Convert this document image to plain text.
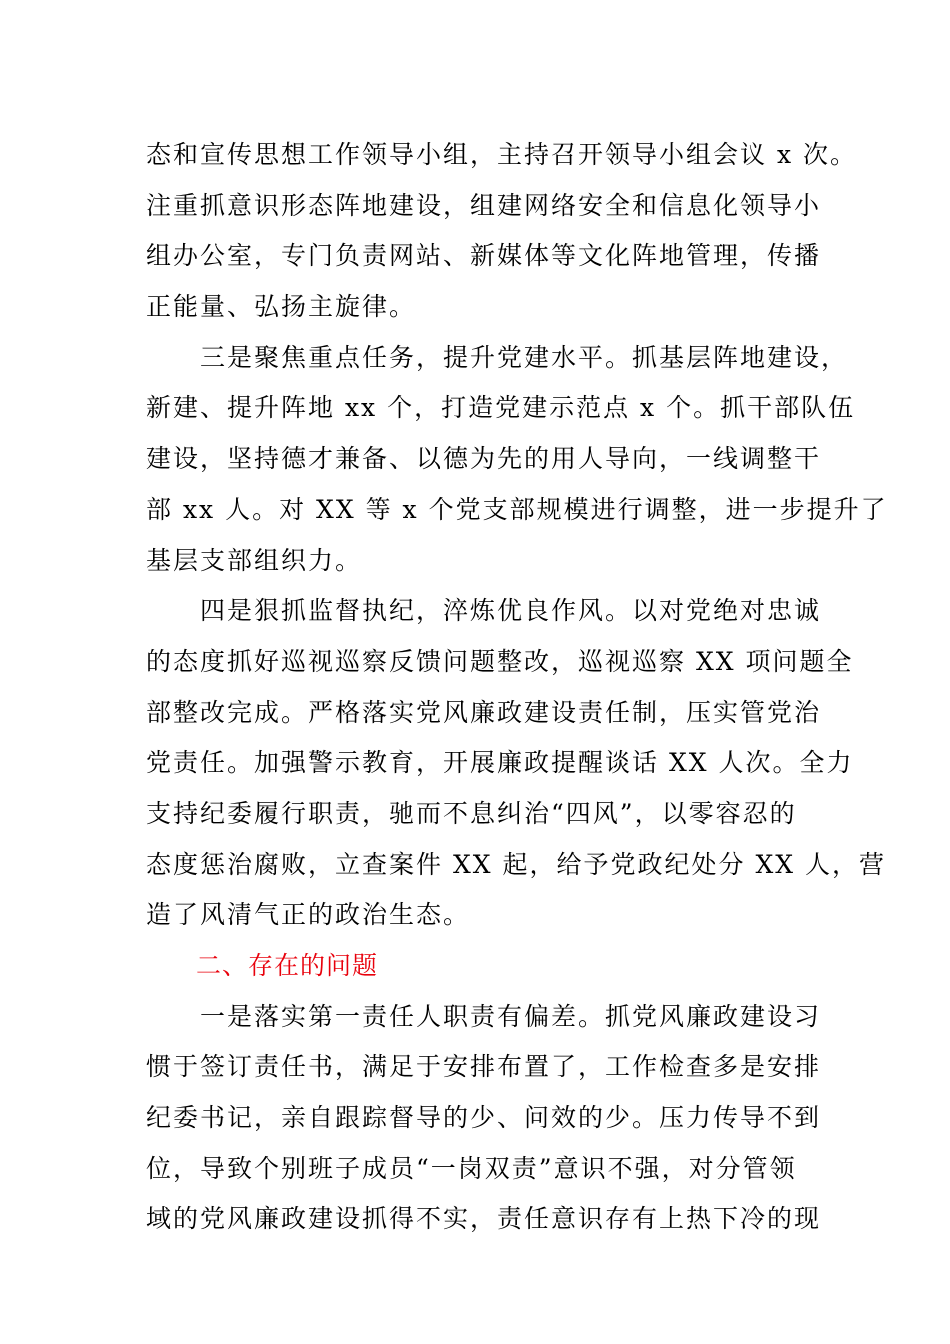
态和宣传思想工作领导小组，主持召开领导小组会议 x 次。
注重抓意识形态阵地建设，组建网络安全和信息化领导小
组办公室，专门负责网站、新媒体等文化阵地管理，传播
正能量、弘扬主旋律。
三是聚焦重点任务，提升党建水平。抓基层阵地建设，
新建、提升阵地 xx 个，打造党建示范点 x 个。抓干部队伍
建设，坚持德才兼备、以德为先的用人导向，一线调整干
部 xx 人。对 XX 等 x 个党支部规模进行调整，进一步提升了
基层支部组织力。
四是狠抓监督执纪，淬炼优良作风。以对党绝对忠诚
的态度抓好巡视巡察反馈问题整改，巡视巡察 XX 项问题全
部整改完成。严格落实党风廉政建设责任制，压实管党治
党责任。加强警示教育，开展廉政提醒谈话 XX 人次。全力
支持纪委履行职责，驰而不息纠治“四风”，以零容忍的
态度惩治腐败，立查案件 XX 起，给予党政纪处分 XX 人，营
造了风清气正的政治生态。
二、存在的问题
一是落实第一责任人职责有偏差。抓党风廉政建设习
惯于签订责任书，满足于安排布置了，工作检查多是安排
纪委书记，亲自跟踪督导的少、问效的少。压力传导不到
位，导致个别班子成员“一岗双责”意识不强，对分管领
域的党风廉政建设抓得不实，责任意识存有上热下冷的现
